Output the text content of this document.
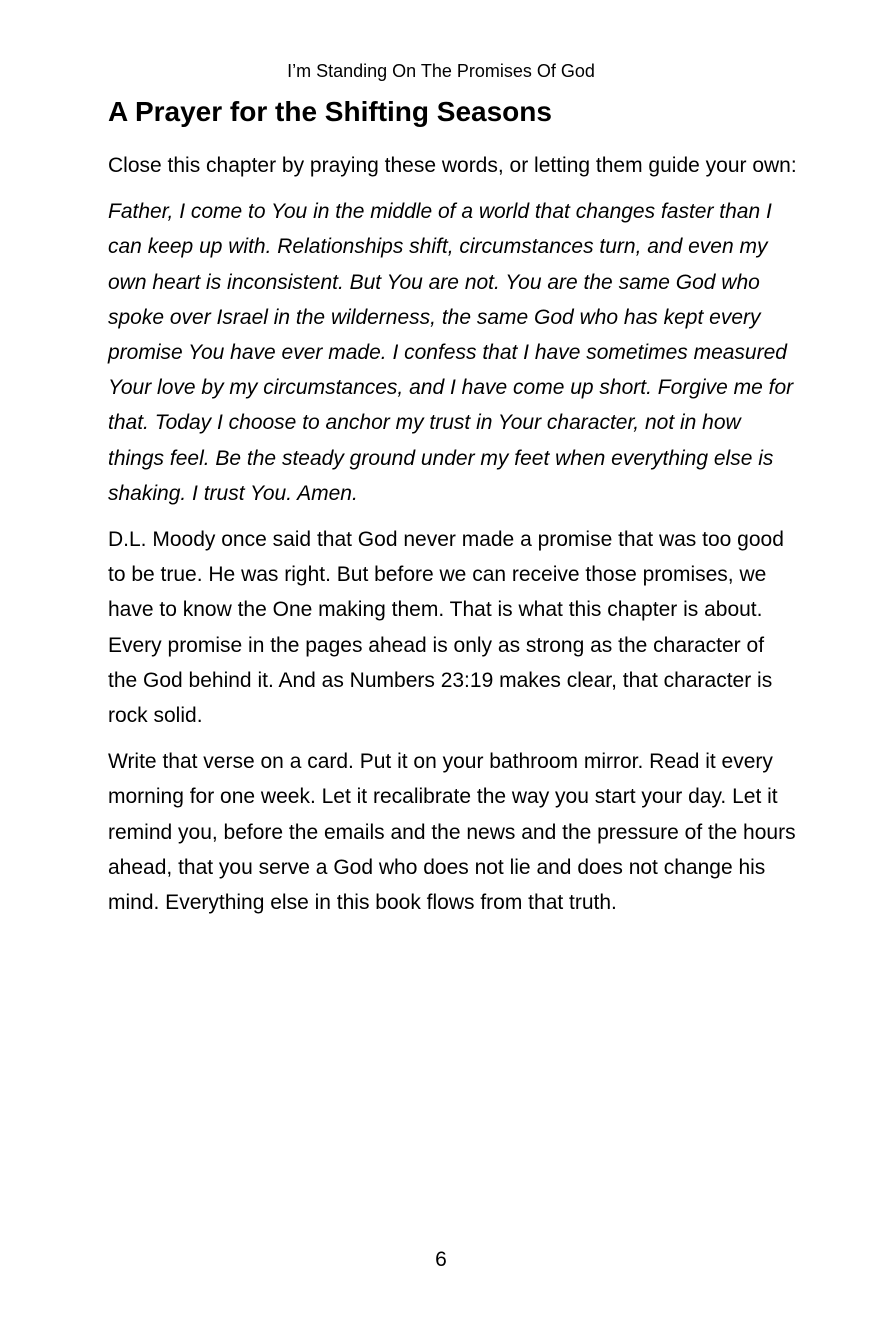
I’m Standing On The Promises Of God
A Prayer for the Shifting Seasons

Close this chapter by praying these words, or letting them guide your own:

Father, I come to You in the middle of a world that changes faster than I can keep up with. Relationships shift, circumstances turn, and even my own heart is inconsistent. But You are not. You are the same God who spoke over Israel in the wilderness, the same God who has kept every promise You have ever made. I confess that I have sometimes measured Your love by my circumstances, and I have come up short. Forgive me for that. Today I choose to anchor my trust in Your character, not in how things feel. Be the steady ground under my feet when everything else is shaking. I trust You. Amen.

D.L. Moody once said that God never made a promise that was too good to be true. He was right. But before we can receive those promises, we have to know the One making them. That is what this chapter is about. Every promise in the pages ahead is only as strong as the character of the God behind it. And as Numbers 23:19 makes clear, that character is rock solid.

Write that verse on a card. Put it on your bathroom mirror. Read it every morning for one week. Let it recalibrate the way you start your day. Let it remind you, before the emails and the news and the pressure of the hours ahead, that you serve a God who does not lie and does not change his mind. Everything else in this book flows from that truth.

6
